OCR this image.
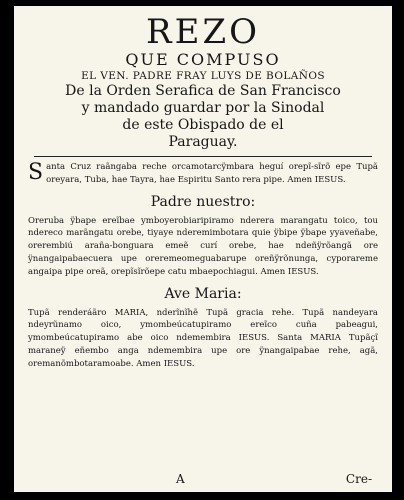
REZO
QUE COMPUSO
EL VEN. PADRE FRAY LUYS DE BOLAÑOS
De la Orden Serafica de San Francisco
y mandado guardar por la Sinodal
de este Obispado de el
Paraguay.
Santa Cruz raãngaba reche orcamotarcÿmbara heguí orepĩ-sĩrõ epe Tupã oreyara, Tuba, hae Tayra, hae Espiritu Santo rera pipe. Amen IESUS.
Padre nuestro:
Oreruba ÿbape ereĩbae ymboyerobiaripiramo nderera marangatu toico, tou ndereco marãngatu orebe, tiyaye nderemimbotara quie ÿbipe ÿbape yyaveñabe, orerembiú araña-bonguara emeẽ curí orebe, hae ndeñÿrõangã ore ÿnangaipabaecuera upe oreremeomeguabarupe oreñÿrõnunga, cyporareme angaipa pipe oreã, orepĩsĩrõepe catu mbaepochiagui. Amen IESUS.
Ave Maria:
Tupã renderáãro MARIA, nderĩnĩhẽ Tupã gracia rehe. Tupã nandeyara ndeyrũnamo oico, ymombeúcatupiramo ereĩco cuña pabeagui, ymombeúcatupiramo abe oico ndemembira IESUS. Santa MARIA Tupãçĩ maraneÿ eñembo anga ndemembira upe ore ÿnangaipabae rehe, agã, oremanõmbotaramoabe. Amen IESUS.
A	Cre-
